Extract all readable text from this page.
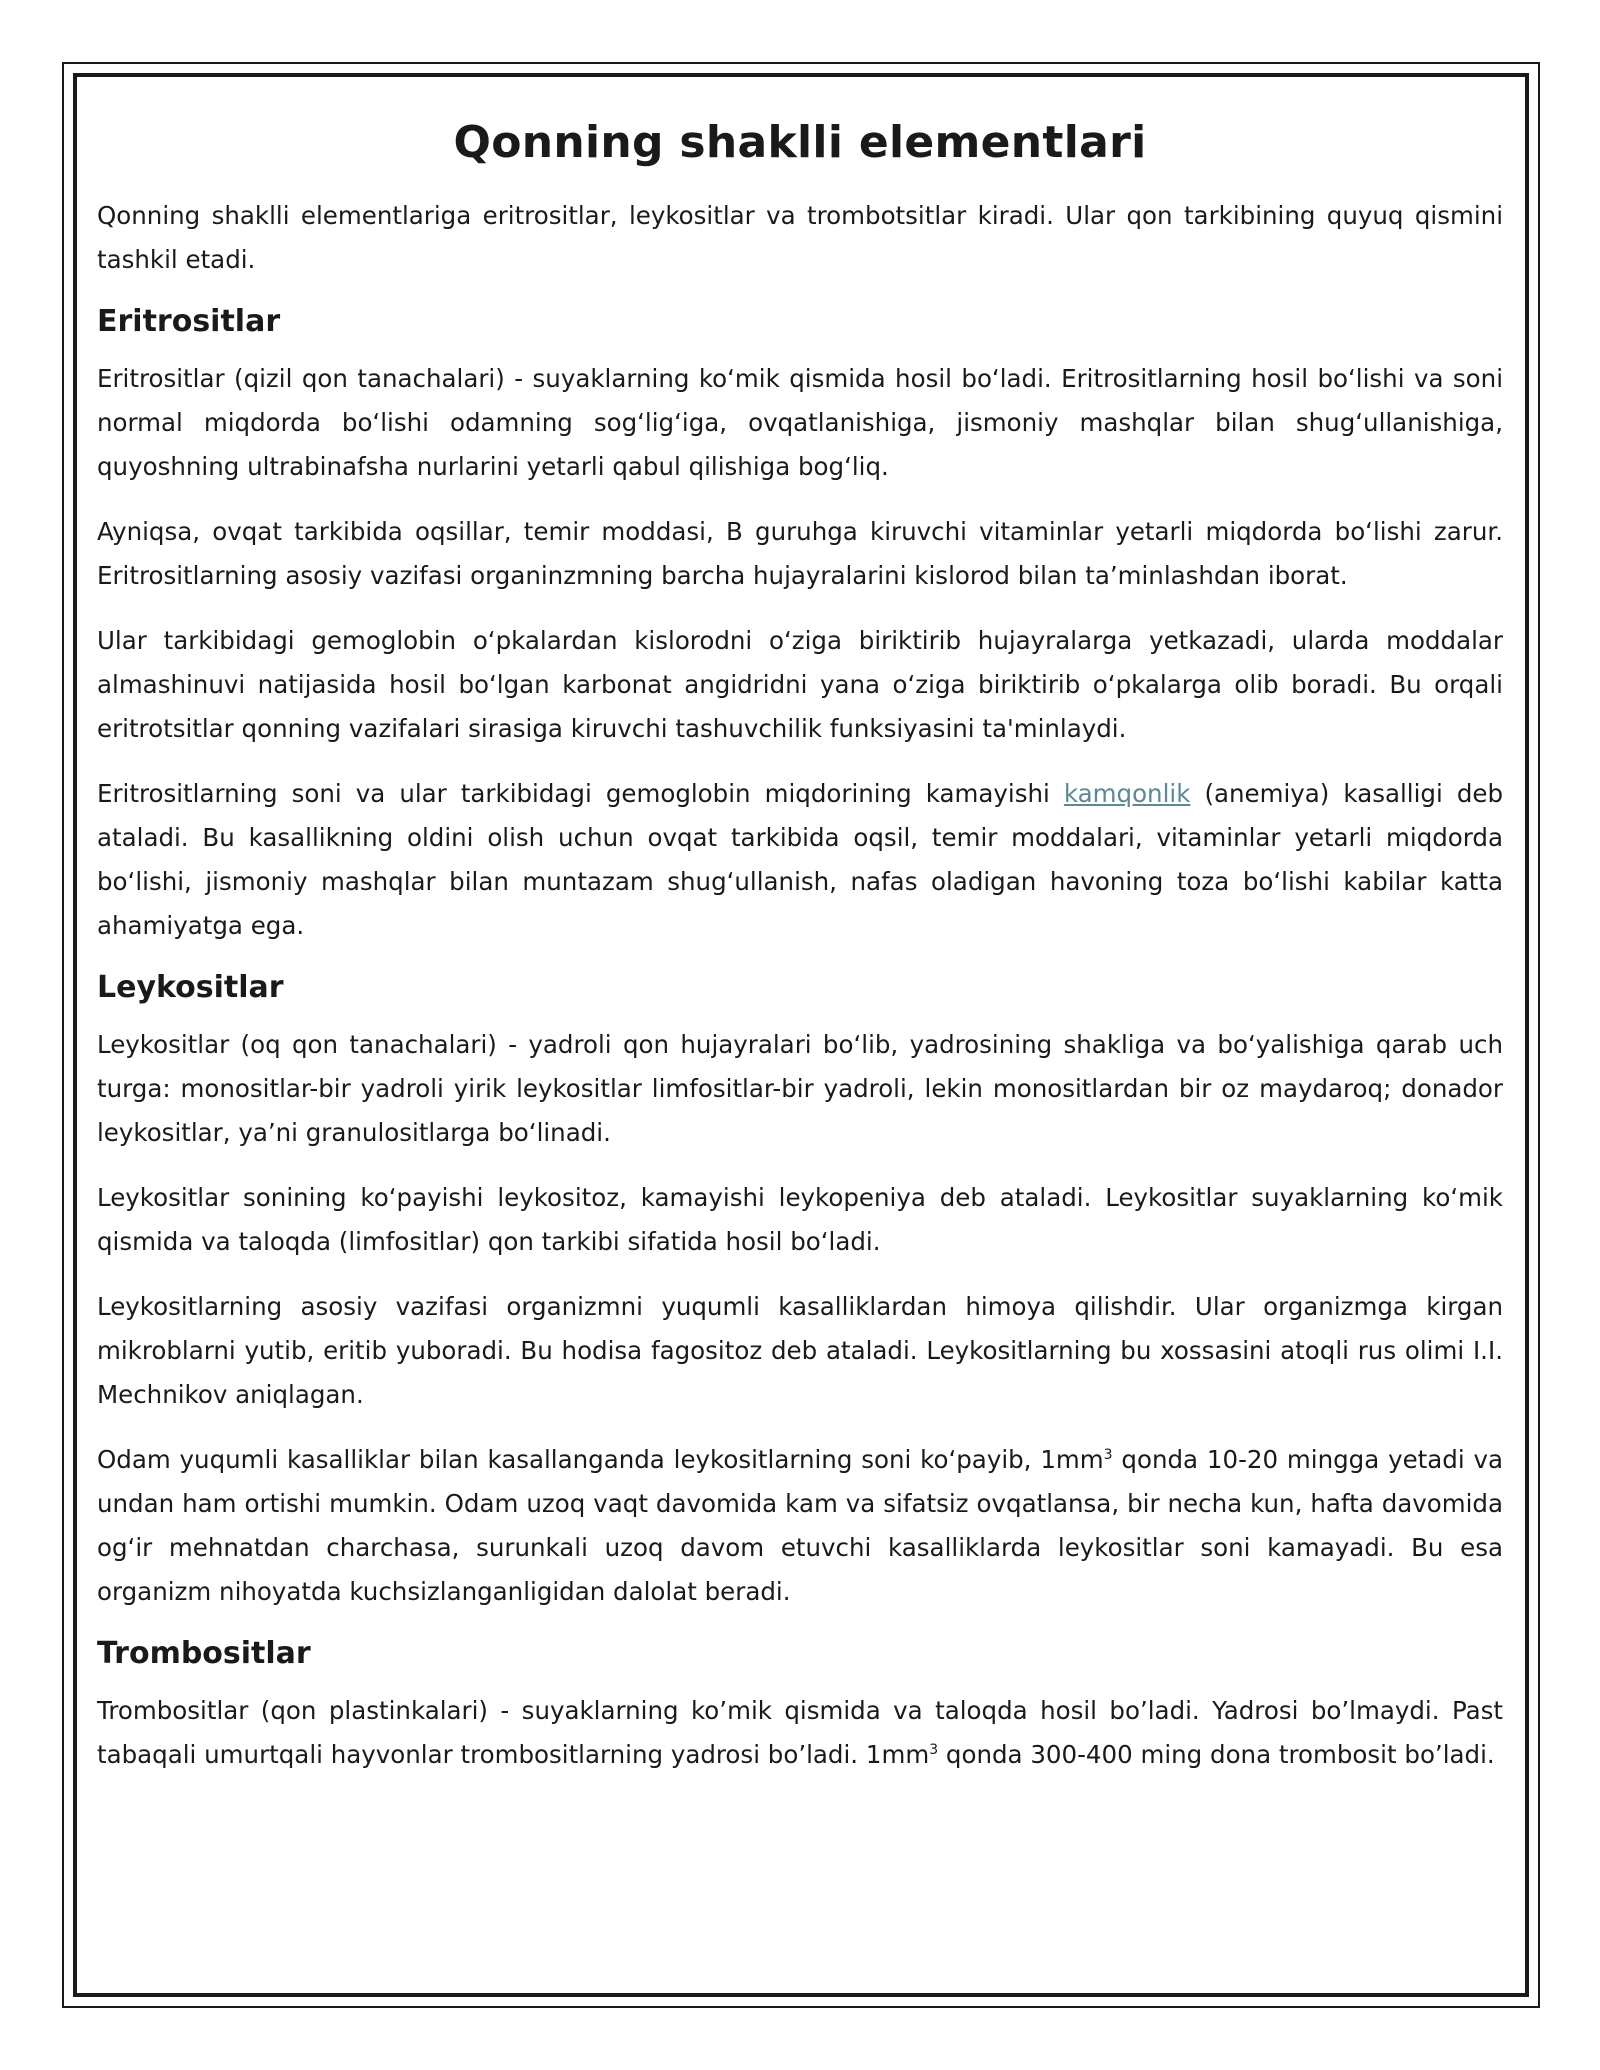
Qonning shaklli elementlari

Qonning shaklli elementlariga eritrositlar, leykositlar va trombotsitlar kiradi. Ular qon tarkibining quyuq qismini tashkil etadi.

Eritrositlar

Eritrositlar (qizil qon tanachalari) - suyaklarning koʻmik qismida hosil boʻladi. Eritrositlarning hosil boʻlishi va soni normal miqdorda boʻlishi odamning sogʻligʻiga, ovqatlanishiga, jismoniy mashqlar bilan shugʻullanishiga, quyoshning ultrabinafsha nurlarini yetarli qabul qilishiga bogʻliq.

Ayniqsa, ovqat tarkibida oqsillar, temir moddasi, B guruhga kiruvchi vitaminlar yetarli miqdorda boʻlishi zarur. Eritrositlarning asosiy vazifasi organinzmning barcha hujayralarini kislorod bilan ta’minlashdan iborat.

Ular tarkibidagi gemoglobin oʻpkalardan kislorodni oʻziga biriktirib hujayralarga yetkazadi, ularda moddalar almashinuvi natijasida hosil boʻlgan karbonat angidridni yana oʻziga biriktirib oʻpkalarga olib boradi. Bu orqali eritrotsitlar qonning vazifalari sirasiga kiruvchi tashuvchilik funksiyasini ta'minlaydi.

Eritrositlarning soni va ular tarkibidagi gemoglobin miqdorining kamayishi kamqonlik (anemiya) kasalligi deb ataladi. Bu kasallikning oldini olish uchun ovqat tarkibida oqsil, temir moddalari, vitaminlar yetarli miqdorda boʻlishi, jismoniy mashqlar bilan muntazam shugʻullanish, nafas oladigan havoning toza boʻlishi kabilar katta ahamiyatga ega.

Leykositlar

Leykositlar (oq qon tanachalari) - yadroli qon hujayralari boʻlib, yadrosining shakliga va boʻyalishiga qarab uch turga: monositlar-bir yadroli yirik leykositlar limfositlar-bir yadroli, lekin monositlardan bir oz maydaroq; donador leykositlar, ya’ni granulositlarga boʻlinadi.

Leykositlar sonining koʻpayishi leykositoz, kamayishi leykopeniya deb ataladi. Leykositlar suyaklarning koʻmik qismida va taloqda (limfositlar) qon tarkibi sifatida hosil boʻladi.

Leykositlarning asosiy vazifasi organizmni yuqumli kasalliklardan himoya qilishdir. Ular organizmga kirgan mikroblarni yutib, eritib yuboradi. Bu hodisa fagositoz deb ataladi. Leykositlarning bu xossasini atoqli rus olimi I.I. Mechnikov aniqlagan.

Odam yuqumli kasalliklar bilan kasallanganda leykositlarning soni koʻpayib, $1mm^3$ qonda 10-20 mingga yetadi va undan ham ortishi mumkin. Odam uzoq vaqt davomida kam va sifatsiz ovqatlansa, bir necha kun, hafta davomida ogʻir mehnatdan charchasa, surunkali uzoq davom etuvchi kasalliklarda leykositlar soni kamayadi. Bu esa organizm nihoyatda kuchsizlanganligidan dalolat beradi.

Trombositlar

Trombositlar (qon plastinkalari) - suyaklarning ko’mik qismida va taloqda hosil bo’ladi. Yadrosi bo’lmaydi. Past tabaqali umurtqali hayvonlar trombositlarning yadrosi bo’ladi. $1mm^3$ qonda 300-400 ming dona trombosit bo’ladi.
